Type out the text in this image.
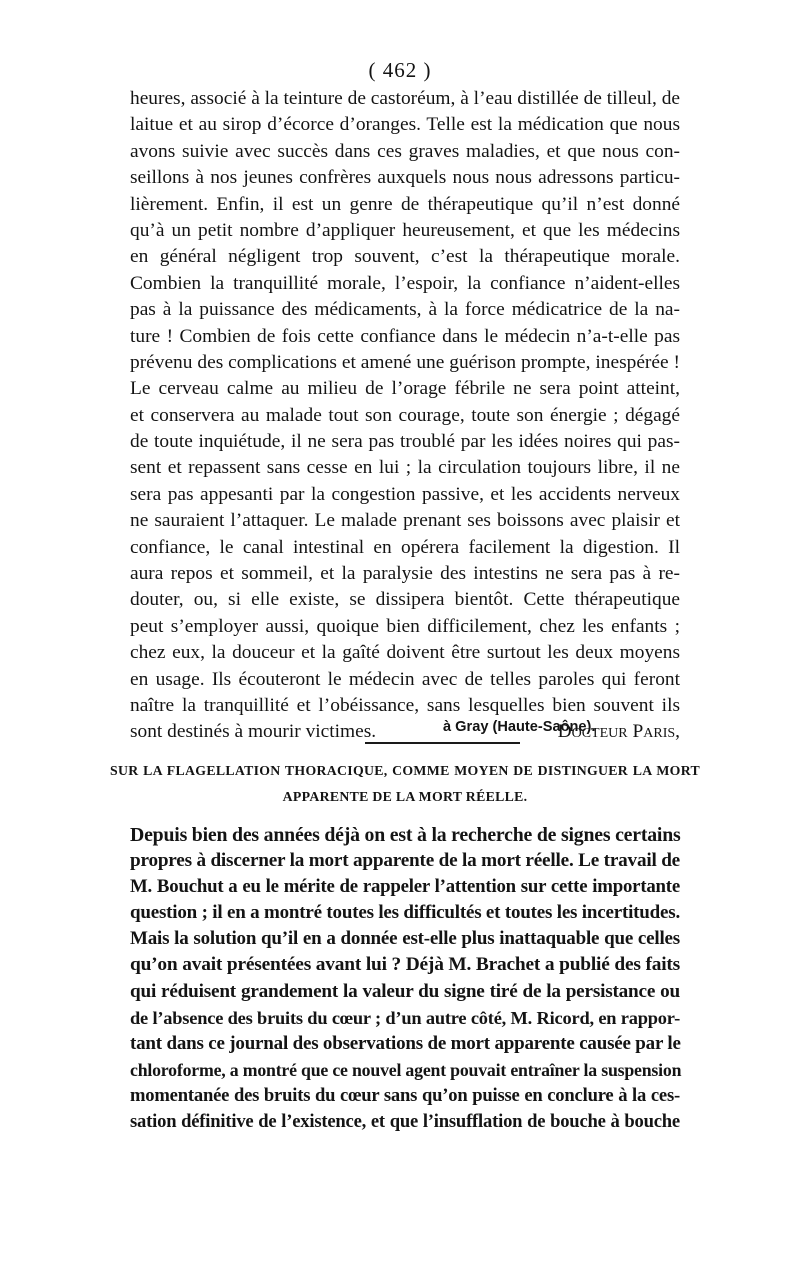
( 462 )
heures, associé à la teinture de castoréum, à l’eau distillée de tilleul, de
laitue et au sirop d’écorce d’oranges. Telle est la médication que nous
avons suivie avec succès dans ces graves maladies, et que nous con-
seillons à nos jeunes confrères auxquels nous nous adressons particu-
lièrement. Enfin, il est un genre de thérapeutique qu’il n’est donné
qu’à un petit nombre d’appliquer heureusement, et que les médecins
en général négligent trop souvent, c’est la thérapeutique morale.
Combien la tranquillité morale, l’espoir, la confiance n’aident-elles
pas à la puissance des médicaments, à la force médicatrice de la na-
ture ! Combien de fois cette confiance dans le médecin n’a-t-elle pas
prévenu des complications et amené une guérison prompte, inespérée !
Le cerveau calme au milieu de l’orage fébrile ne sera point atteint,
et conservera au malade tout son courage, toute son énergie ; dégagé
de toute inquiétude, il ne sera pas troublé par les idées noires qui pas-
sent et repassent sans cesse en lui ; la circulation toujours libre, il ne
sera pas appesanti par la congestion passive, et les accidents nerveux
ne sauraient l’attaquer. Le malade prenant ses boissons avec plaisir et
confiance, le canal intestinal en opérera facilement la digestion. Il
aura repos et sommeil, et la paralysie des intestins ne sera pas à re-
douter, ou, si elle existe, se dissipera bientôt. Cette thérapeutique
peut s’employer aussi, quoique bien difficilement, chez les enfants ;
chez eux, la douceur et la gaîté doivent être surtout les deux moyens
en usage. Ils écouteront le médecin avec de telles paroles qui feront
naître la tranquillité et l’obéissance, sans lesquelles bien souvent ils
sont destinés à mourir victimes.	Docteur Paris,
à Gray (Haute-Saône).
SUR LA FLAGELLATION THORACIQUE, COMME MOYEN DE DISTINGUER LA MORT
APPARENTE DE LA MORT RÉELLE.
Depuis bien des années déjà on est à la recherche de signes certains
propres à discerner la mort apparente de la mort réelle. Le travail de
M. Bouchut a eu le mérite de rappeler l’attention sur cette importante
question ; il en a montré toutes les difficultés et toutes les incertitudes.
Mais la solution qu’il en a donnée est-elle plus inattaquable que celles
qu’on avait présentées avant lui ? Déjà M. Brachet a publié des faits
qui réduisent grandement la valeur du signe tiré de la persistance ou
de l’absence des bruits du cœur ; d’un autre côté, M. Ricord, en rappor-
tant dans ce journal des observations de mort apparente causée par le
chloroforme, a montré que ce nouvel agent pouvait entraîner la suspension
momentanée des bruits du cœur sans qu’on puisse en conclure à la ces-
sation définitive de l’existence, et que l’insufflation de bouche à bouche
